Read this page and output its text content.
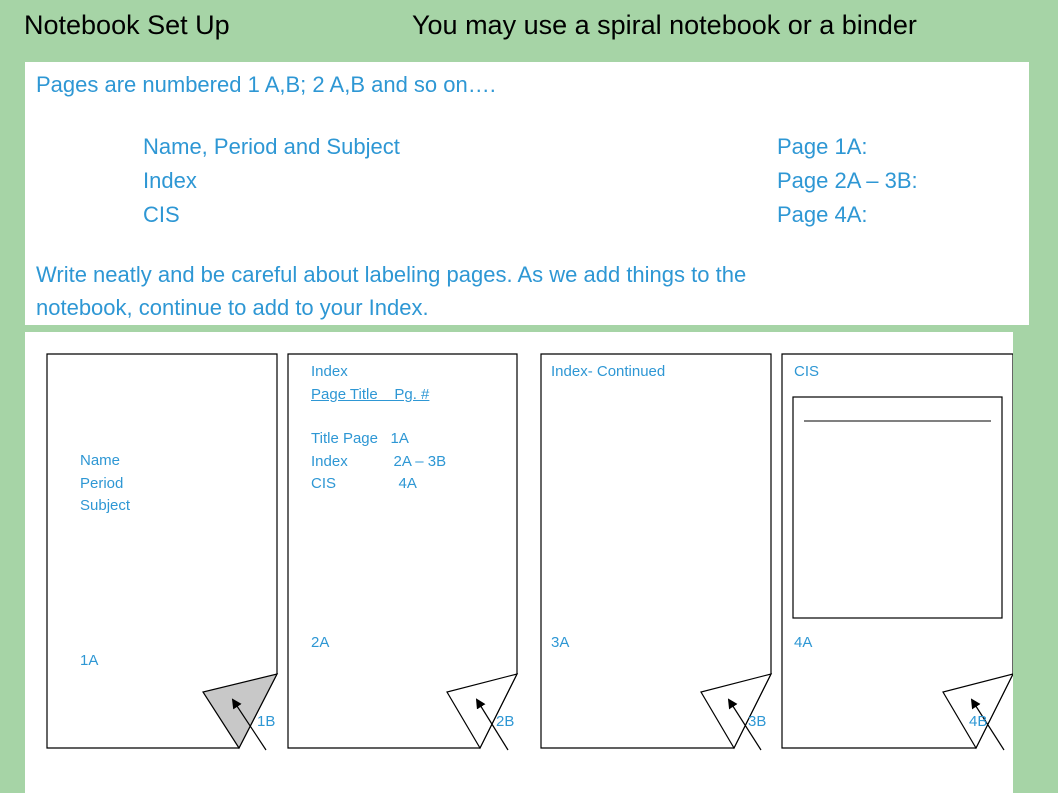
Notebook Set Up	You may use a spiral notebook or a binder
Pages are numbered 1 A,B; 2 A,B and so on….
Name, Period and Subject	Page 1A:
Index	Page 2A – 3B:
CIS	Page 4A:
Write neatly and be careful about labeling pages. As we add things to the
notebook, continue to add to your Index.
Name
Period
Subject
1A
1B
Index
Page Title    Pg. #
Title Page   1A
Index           2A – 3B
CIS               4A
2A
2B
Index- Continued
3A
3B
CIS
4A
4B
